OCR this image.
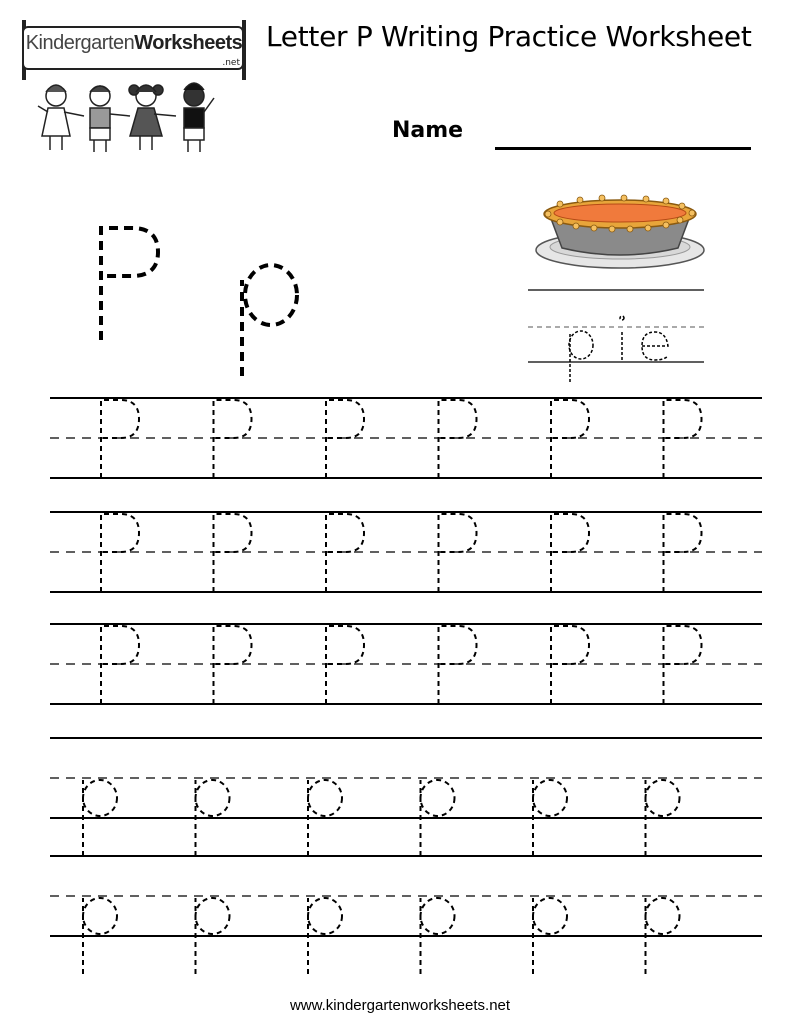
KindergartenWorksheets
.net
Letter P Writing Practice Worksheet
Name
www.kindergartenworksheets.net
